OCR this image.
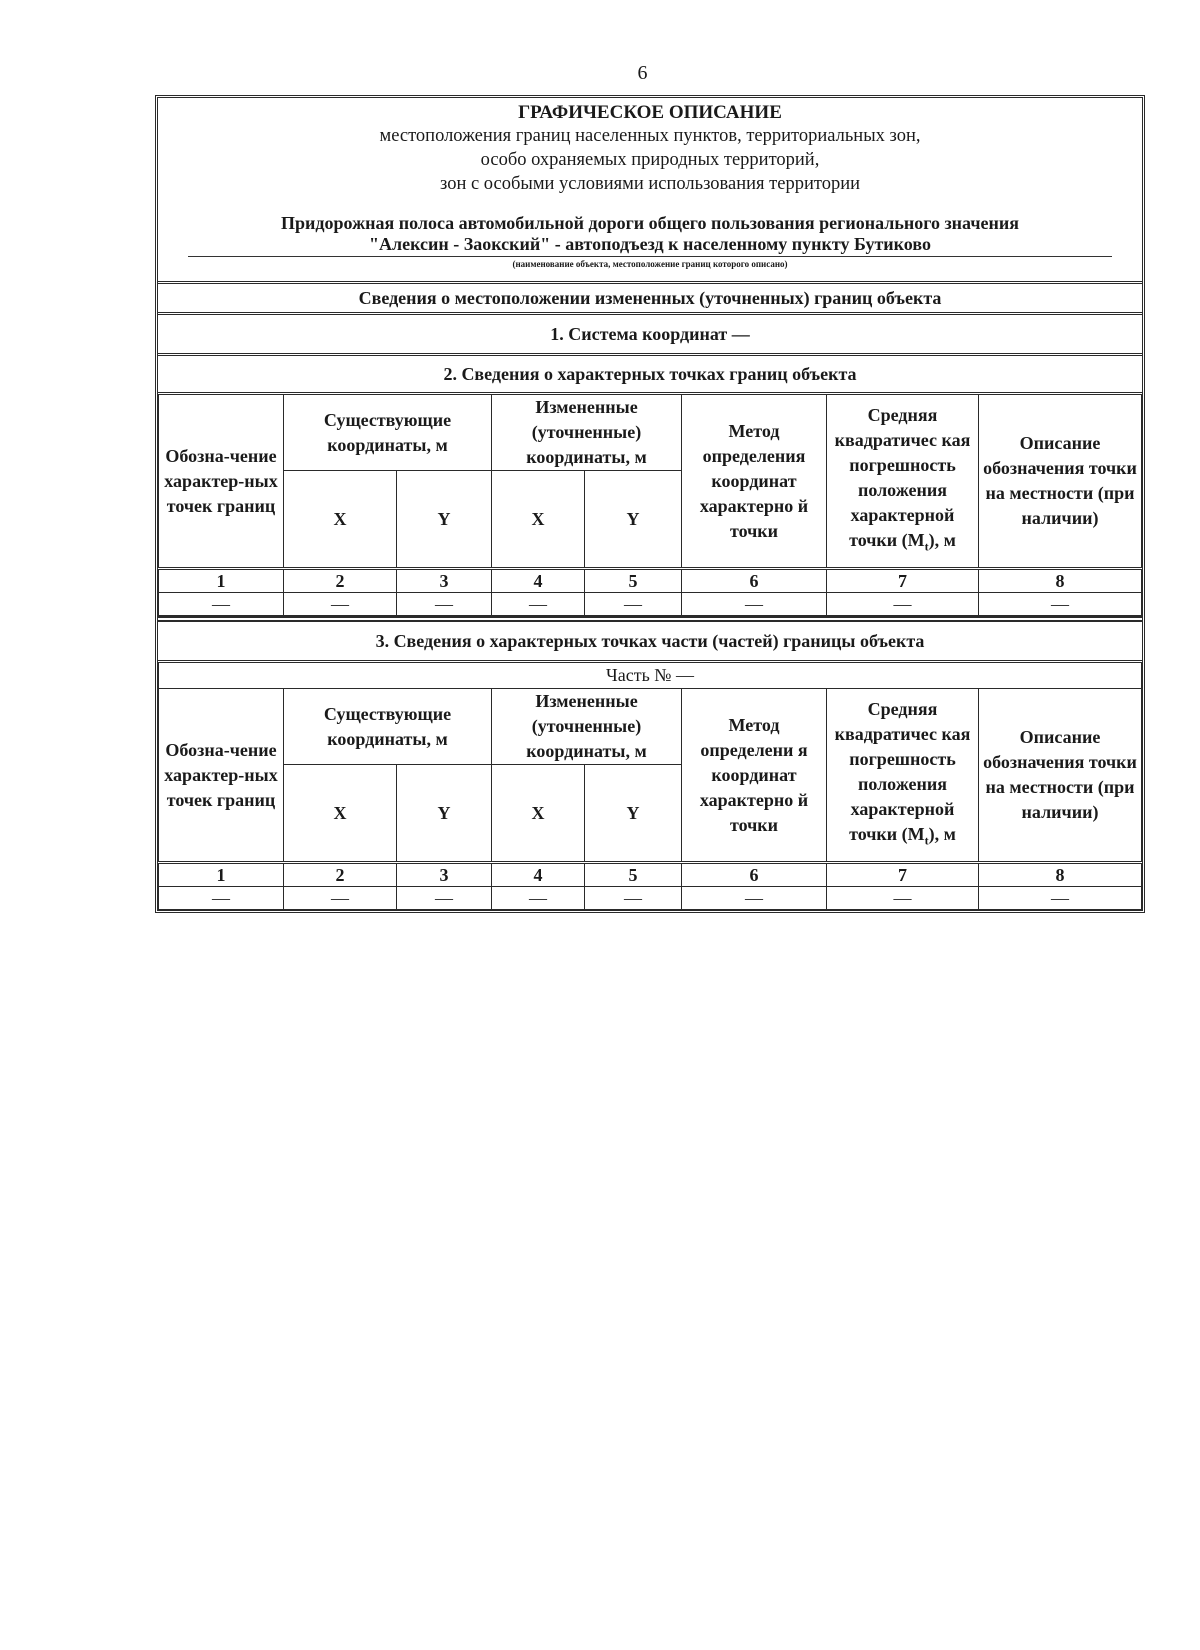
6
ГРАФИЧЕСКОЕ ОПИСАНИЕ
местоположения границ населенных пунктов, территориальных зон,
особо охраняемых природных территорий,
зон с особыми условиями использования территории
Придорожная полоса автомобильной дороги общего пользования регионального значения
"Алексин - Заокский" - автоподъезд к населенному пункту Бутиково
(наименование объекта, местоположение границ которого описано)
Сведения о местоположении измененных (уточненных) границ объекта
1. Система координат —
2. Сведения о характерных точках границ объекта
Обозна-чение характер-ных точек границ	Существующие координаты, м		Измененные (уточненные) координаты, м		Метод определения координат характерно й точки	Средняя квадратичес кая погрешность положения характерной точки $(M_t)$, м	Описание обозначения точки на местности (при наличии)
	X	Y	X	Y			
1	2	3	4	5	6	7	8
—	—	—	—	—	—	—	—
3. Сведения о характерных точках части (частей) границы объекта
Часть № —							
Обозна-чение характер-ных точек границ	Существующие координаты, м		Измененные (уточненные) координаты, м		Метод определени я координат характерно й точки	Средняя квадратичес кая погрешность положения характерной точки $(M_t)$, м	Описание обозначения точки на местности (при наличии)
	X	Y	X	Y			
1	2	3	4	5	6	7	8
—	—	—	—	—	—	—	—
